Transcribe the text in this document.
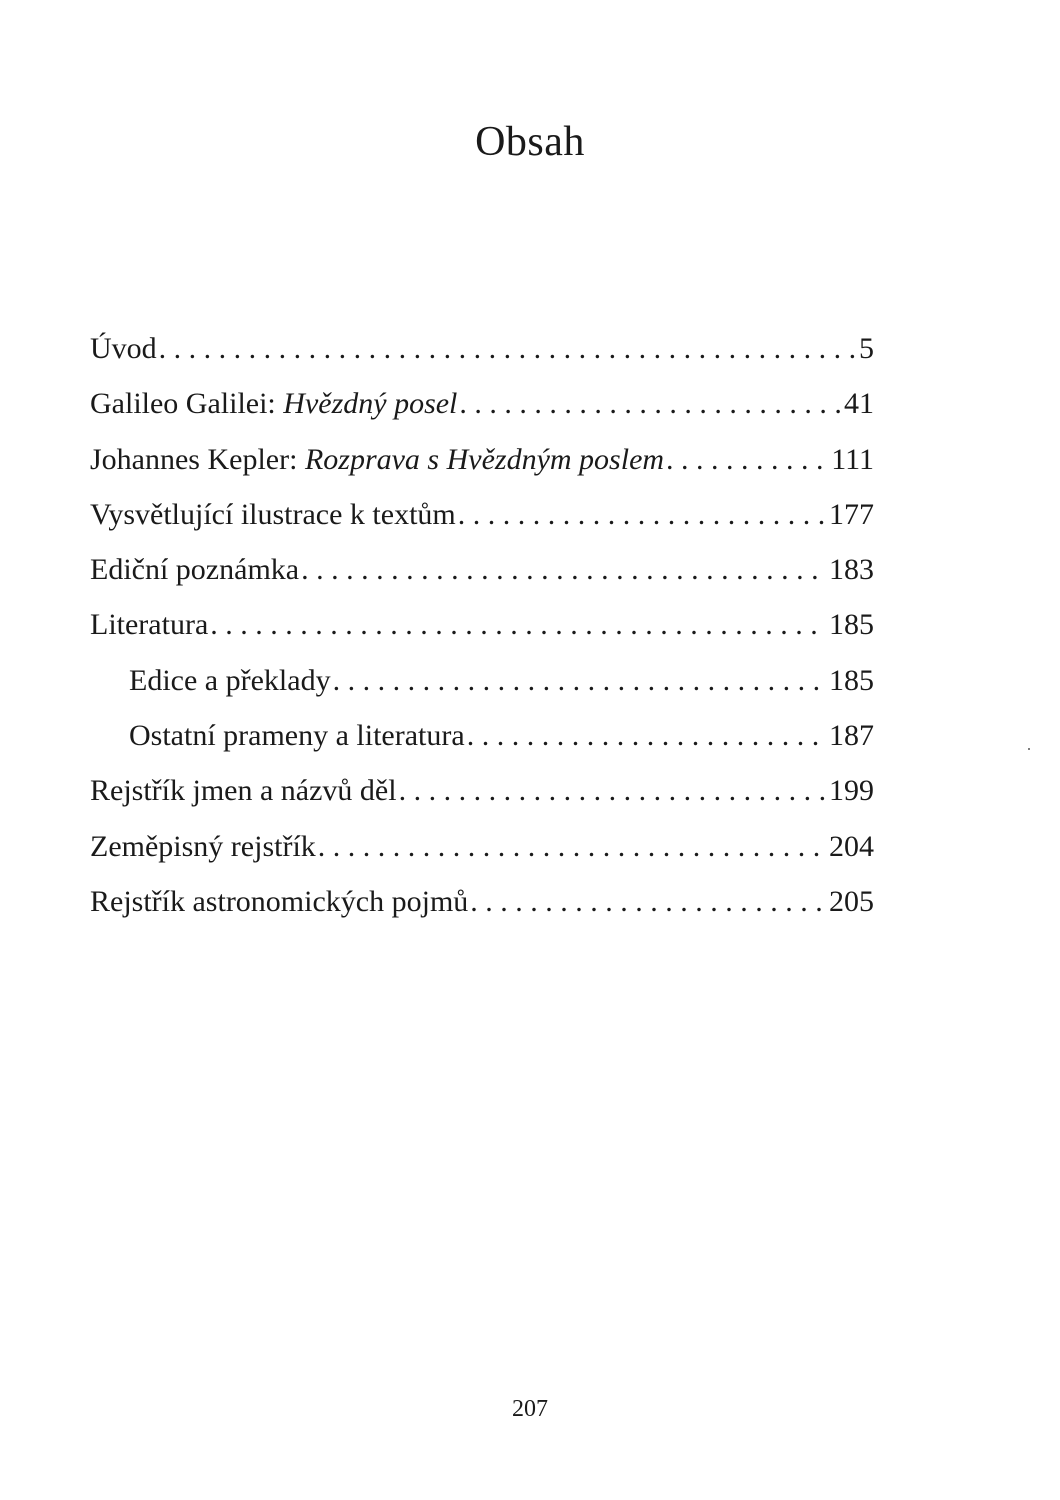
Obsah
Úvod . . .	5
Galileo Galilei: Hvězdný posel . . .	41
Johannes Kepler: Rozprava s Hvězdným poslem . . .	111
Vysvětlující ilustrace k textům . . .	177
Ediční poznámka . . .	183
Literatura . . .	185
Edice a překlady . . .	185
Ostatní prameny a literatura . . .	187
Rejstřík jmen a názvů děl . . .	199
Zeměpisný rejstřík . . .	204
Rejstřík astronomických pojmů . . .	205
207
